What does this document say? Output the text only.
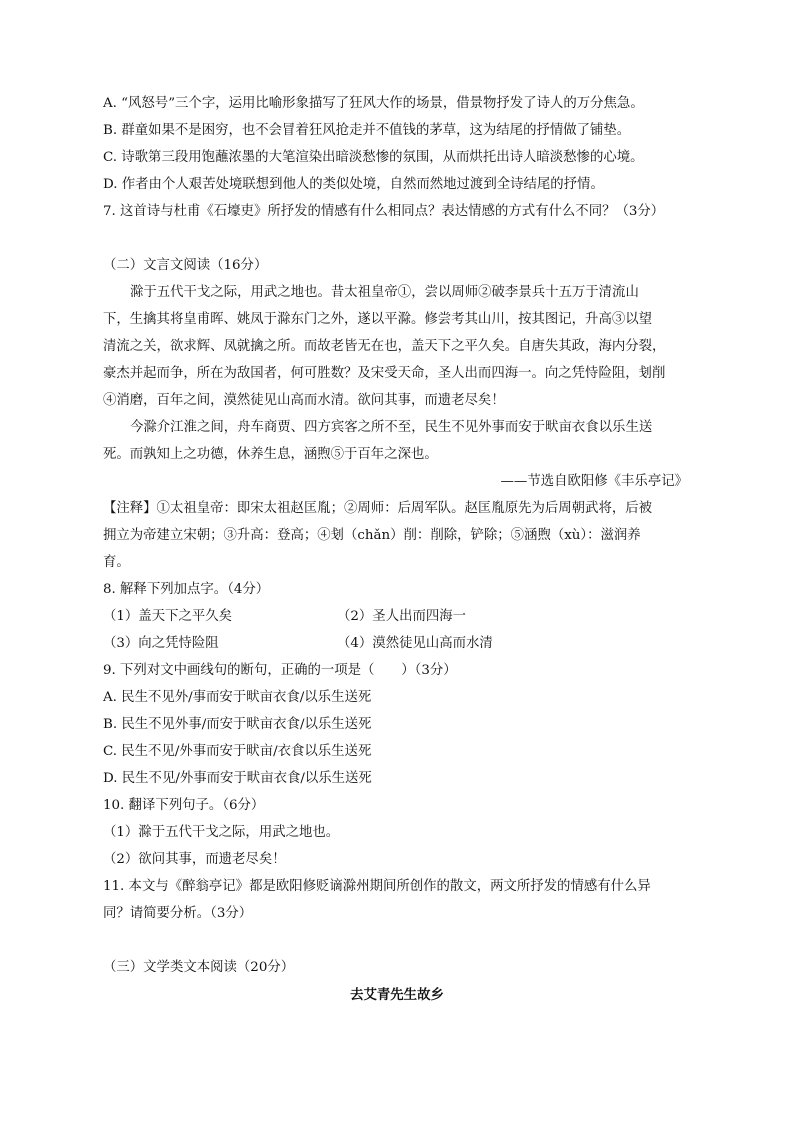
A. “风怒号”三个字，运用比喻形象描写了狂风大作的场景，借景物抒发了诗人的万分焦急。
B. 群童如果不是困穷，也不会冒着狂风抢走并不值钱的茅草，这为结尾的抒情做了铺垫。
C. 诗歌第三段用饱蘸浓墨的大笔渲染出暗淡愁惨的氛围，从而烘托出诗人暗淡愁惨的心境。
D. 作者由个人艰苦处境联想到他人的类似处境，自然而然地过渡到全诗结尾的抒情。
7. 这首诗与杜甫《石壕吏》所抒发的情感有什么相同点？表达情感的方式有什么不同？（3分）
（二）文言文阅读（16分）
滁于五代干戈之际，用武之地也。昔太祖皇帝①，尝以周师②破李景兵十五万于清流山
下，生擒其将皇甫晖、姚凤于滁东门之外，遂以平滁。修尝考其山川，按其图记，升高③以望
清流之关，欲求辉、凤就擒之所。而故老皆无在也，盖天下之平久矣。自唐失其政，海内分裂，
豪杰并起而争，所在为敌国者，何可胜数？及宋受天命，圣人出而四海一。向之凭恃险阻，刬削
④消磨，百年之间，漠然徒见山高而水清。欲问其事，而遗老尽矣！
今滁介江淮之间，舟车商贾、四方宾客之所不至，民生不见外事而安于畎亩衣食以乐生送
死。而孰知上之功德，休养生息，涵煦⑤于百年之深也。
——节选自欧阳修《丰乐亭记》
【注释】①太祖皇帝：即宋太祖赵匡胤；②周师：后周军队。赵匡胤原先为后周朝武将，后被
拥立为帝建立宋朝；③升高：登高；④刬（chǎn）削：削除，铲除；⑤涵煦（xù）：滋润养
育。
8. 解释下列加点字。（4分）
（1）盖天下之平久矣	（2）圣人出而四海一
（3）向之凭恃险阻	（4）漠然徒见山高而水清
9. 下列对文中画线句的断句，正确的一项是（　　）（3分）
A. 民生不见外/事而安于畎亩衣食/以乐生送死
B. 民生不见外事/而安于畎亩衣食/以乐生送死
C. 民生不见/外事而安于畎亩/衣食以乐生送死
D. 民生不见/外事而安于畎亩衣食/以乐生送死
10. 翻译下列句子。（6分）
（1）滁于五代干戈之际，用武之地也。
（2）欲问其事，而遗老尽矣！
11. 本文与《醉翁亭记》都是欧阳修贬谪滁州期间所创作的散文，两文所抒发的情感有什么异
同？请简要分析。（3分）
（三）文学类文本阅读（20分）
去艾青先生故乡
